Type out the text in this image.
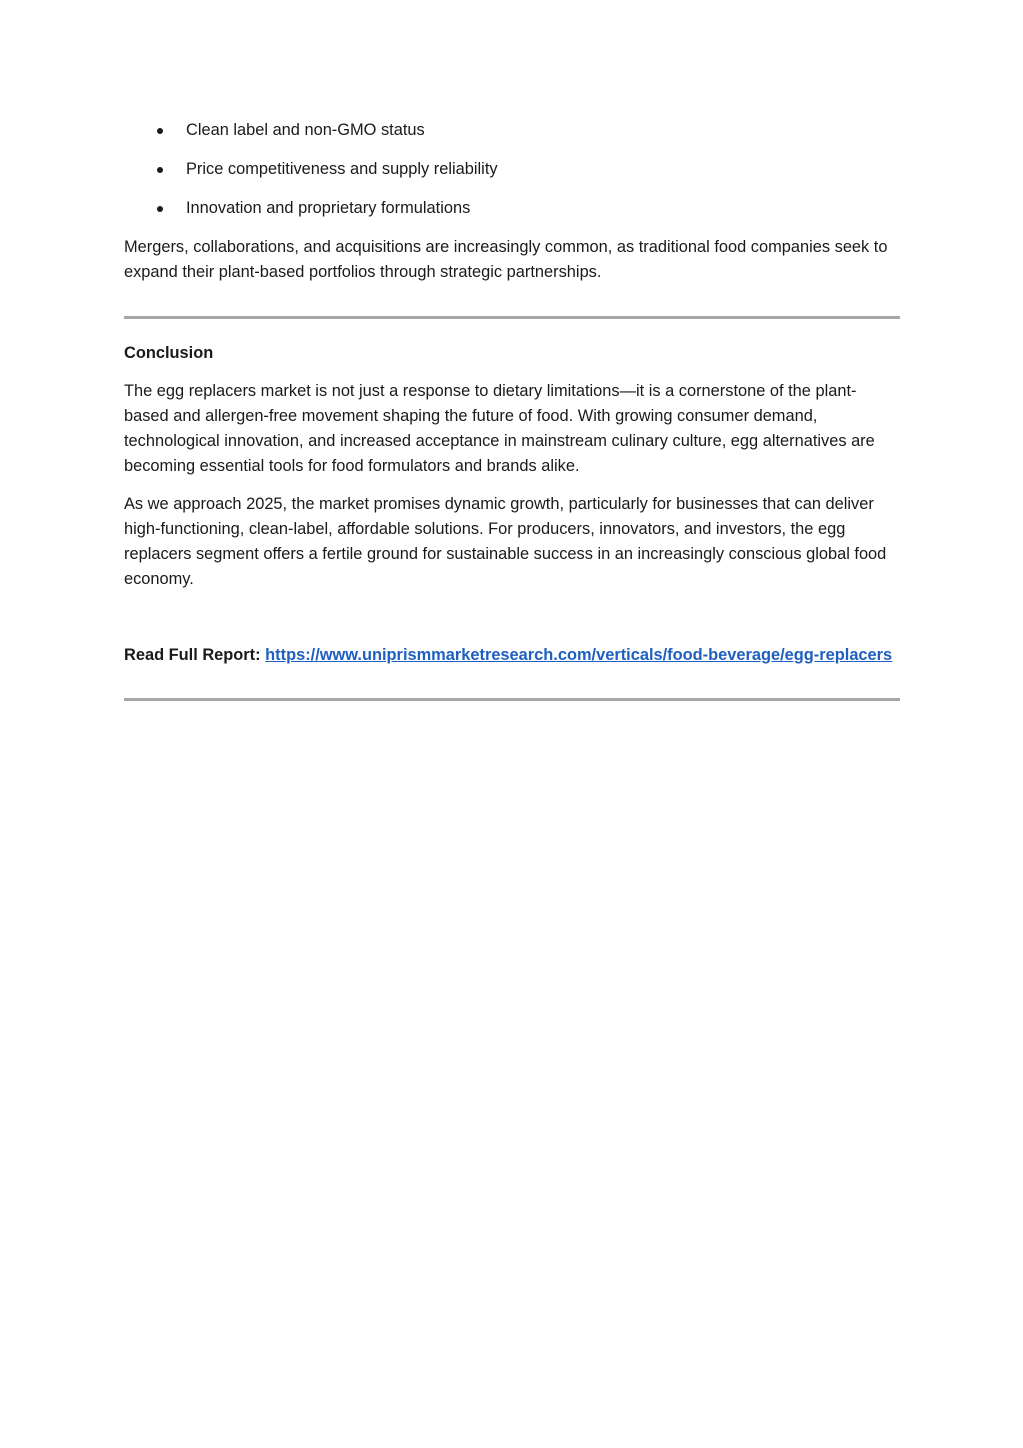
Clean label and non-GMO status
Price competitiveness and supply reliability
Innovation and proprietary formulations

Mergers, collaborations, and acquisitions are increasingly common, as traditional food companies seek to expand their plant-based portfolios through strategic partnerships.

Conclusion

The egg replacers market is not just a response to dietary limitations—it is a cornerstone of the plant-based and allergen-free movement shaping the future of food. With growing consumer demand, technological innovation, and increased acceptance in mainstream culinary culture, egg alternatives are becoming essential tools for food formulators and brands alike.

As we approach 2025, the market promises dynamic growth, particularly for businesses that can deliver high-functioning, clean-label, affordable solutions. For producers, innovators, and investors, the egg replacers segment offers a fertile ground for sustainable success in an increasingly conscious global food economy.

Read Full Report: https://www.uniprismmarketresearch.com/verticals/food-beverage/egg-replacers
